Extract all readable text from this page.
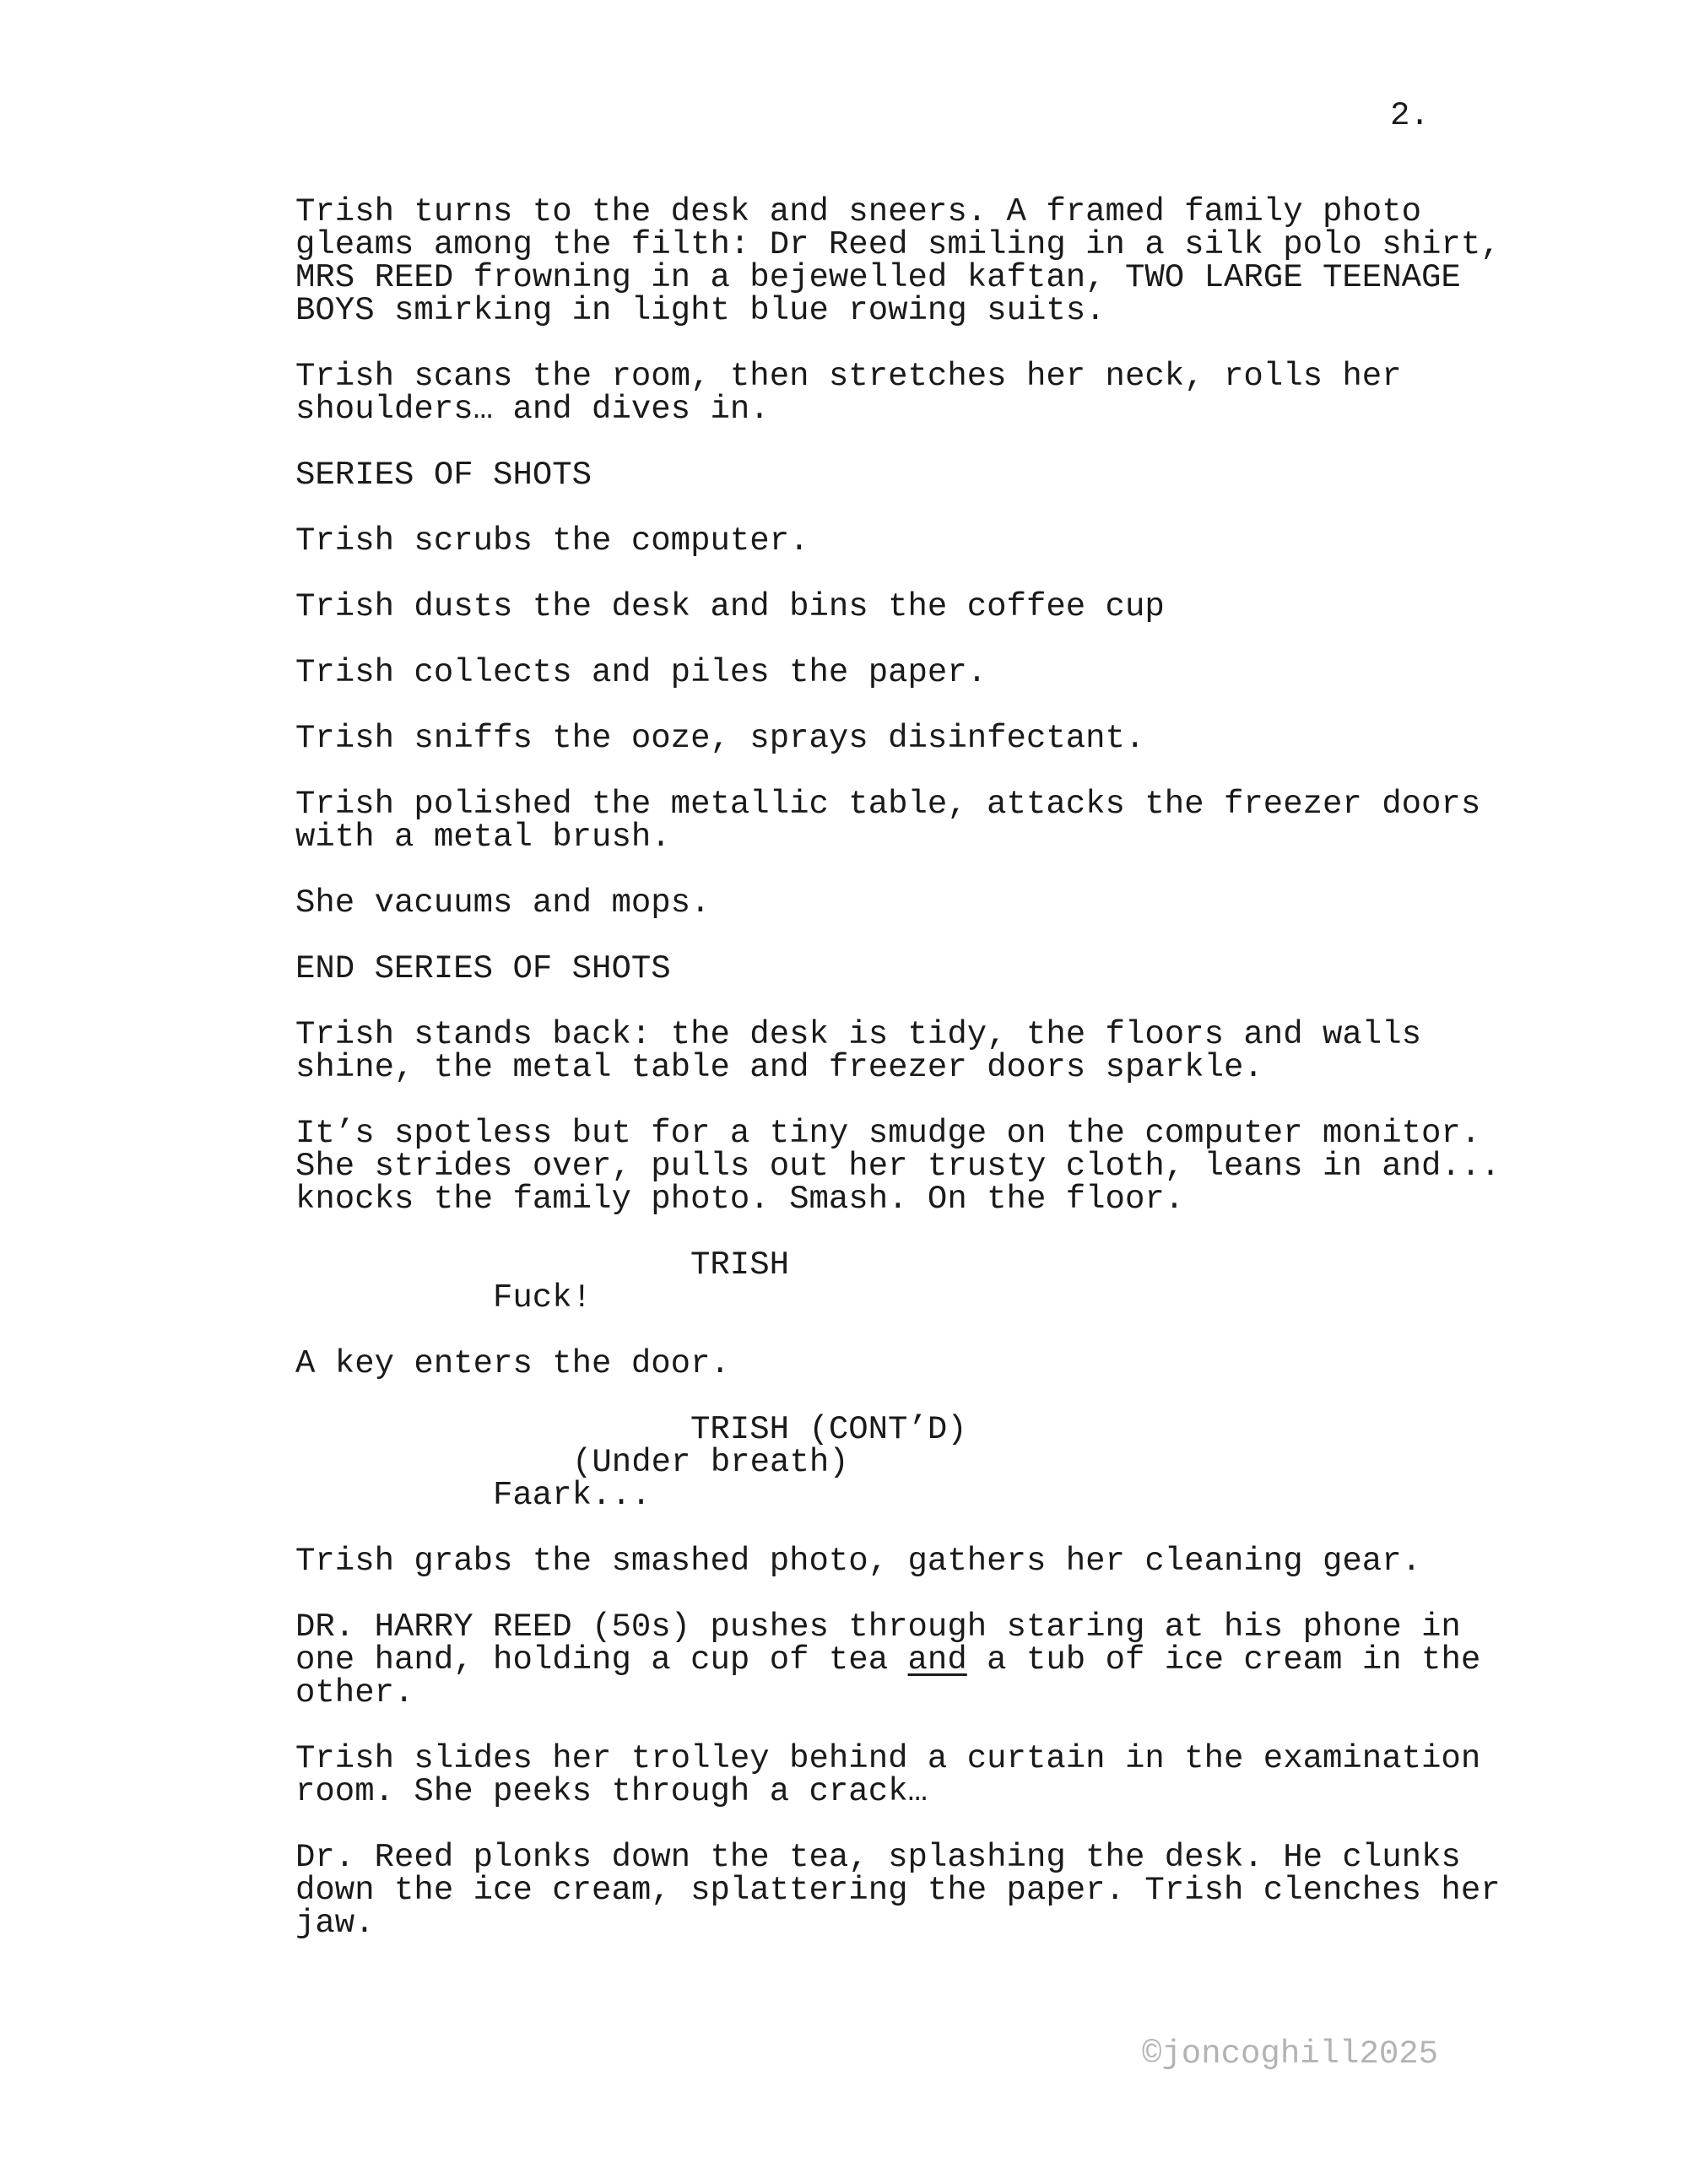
2.
Trish turns to the desk and sneers. A framed family photo
gleams among the filth: Dr Reed smiling in a silk polo shirt,
MRS REED frowning in a bejewelled kaftan, TWO LARGE TEENAGE
BOYS smirking in light blue rowing suits.
Trish scans the room, then stretches her neck, rolls her
shoulders… and dives in.
SERIES OF SHOTS
Trish scrubs the computer.
Trish dusts the desk and bins the coffee cup
Trish collects and piles the paper.
Trish sniffs the ooze, sprays disinfectant.
Trish polished the metallic table, attacks the freezer doors
with a metal brush.
She vacuums and mops.
END SERIES OF SHOTS
Trish stands back: the desk is tidy, the floors and walls
shine, the metal table and freezer doors sparkle.
It’s spotless but for a tiny smudge on the computer monitor.
She strides over, pulls out her trusty cloth, leans in and...
knocks the family photo. Smash. On the floor.
TRISH
Fuck!
A key enters the door.
TRISH (CONT’D)
(Under breath)
Faark...
Trish grabs the smashed photo, gathers her cleaning gear.
DR. HARRY REED (50s) pushes through staring at his phone in
one hand, holding a cup of tea and a tub of ice cream in the
other.
Trish slides her trolley behind a curtain in the examination
room. She peeks through a crack…
Dr. Reed plonks down the tea, splashing the desk. He clunks
down the ice cream, splattering the paper. Trish clenches her
jaw.
©joncoghill2025
